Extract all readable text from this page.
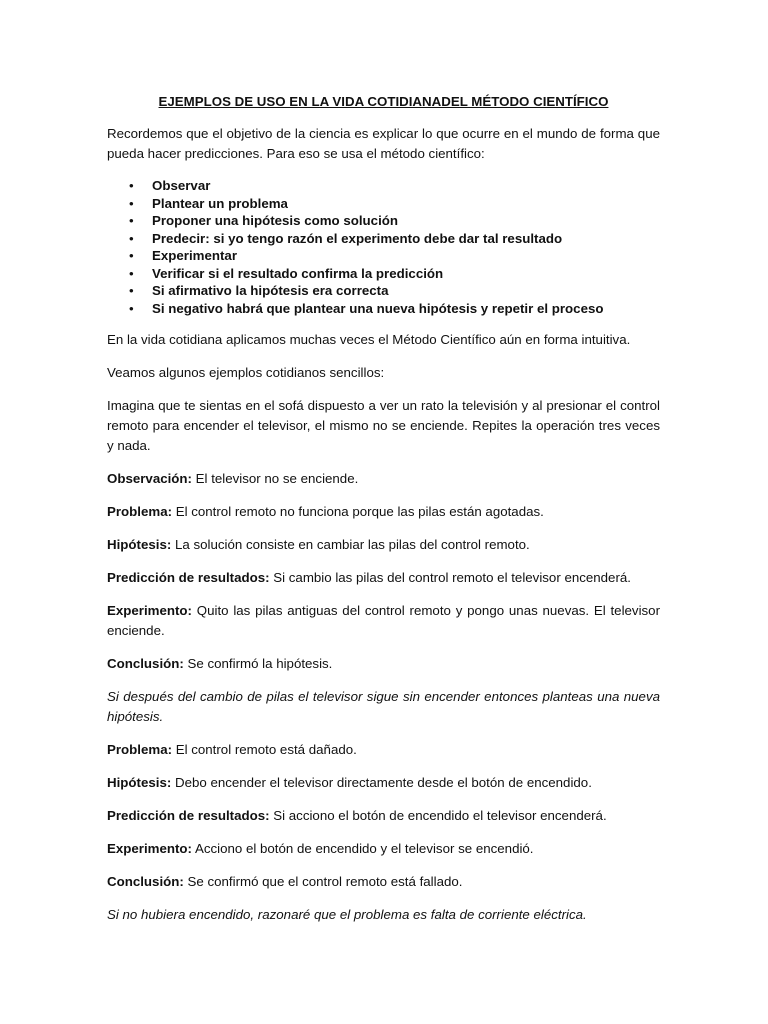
EJEMPLOS DE USO EN LA VIDA COTIDIANADEL MÉTODO CIENTÍFICO

Recordemos que el objetivo de la ciencia es explicar lo que ocurre en el mundo de forma que pueda hacer predicciones. Para eso se usa el método científico:

• Observar
• Plantear un problema
• Proponer una hipótesis como solución
• Predecir: si yo tengo razón el experimento debe dar tal resultado
• Experimentar
• Verificar si el resultado confirma la predicción
• Si afirmativo la hipótesis era correcta
• Si negativo habrá que plantear una nueva hipótesis y repetir el proceso

En la vida cotidiana aplicamos muchas veces el Método Científico aún en forma intuitiva.

Veamos algunos ejemplos cotidianos sencillos:

Imagina que te sientas en el sofá dispuesto a ver un rato la televisión y al presionar el control remoto para encender el televisor, el mismo no se enciende. Repites la operación tres veces y nada.

Observación: El televisor no se enciende.

Problema: El control remoto no funciona porque las pilas están agotadas.

Hipótesis: La solución consiste en cambiar las pilas del control remoto.

Predicción de resultados: Si cambio las pilas del control remoto el televisor encenderá.

Experimento: Quito las pilas antiguas del control remoto y pongo unas nuevas. El televisor enciende.

Conclusión: Se confirmó la hipótesis.

Si después del cambio de pilas el televisor sigue sin encender entonces planteas una nueva hipótesis.

Problema: El control remoto está dañado.

Hipótesis: Debo encender el televisor directamente desde el botón de encendido.

Predicción de resultados: Si acciono el botón de encendido el televisor encenderá.

Experimento: Acciono el botón de encendido y el televisor se encendió.

Conclusión: Se confirmó que el control remoto está fallado.

Si no hubiera encendido, razonaré que el problema es falta de corriente eléctrica.
